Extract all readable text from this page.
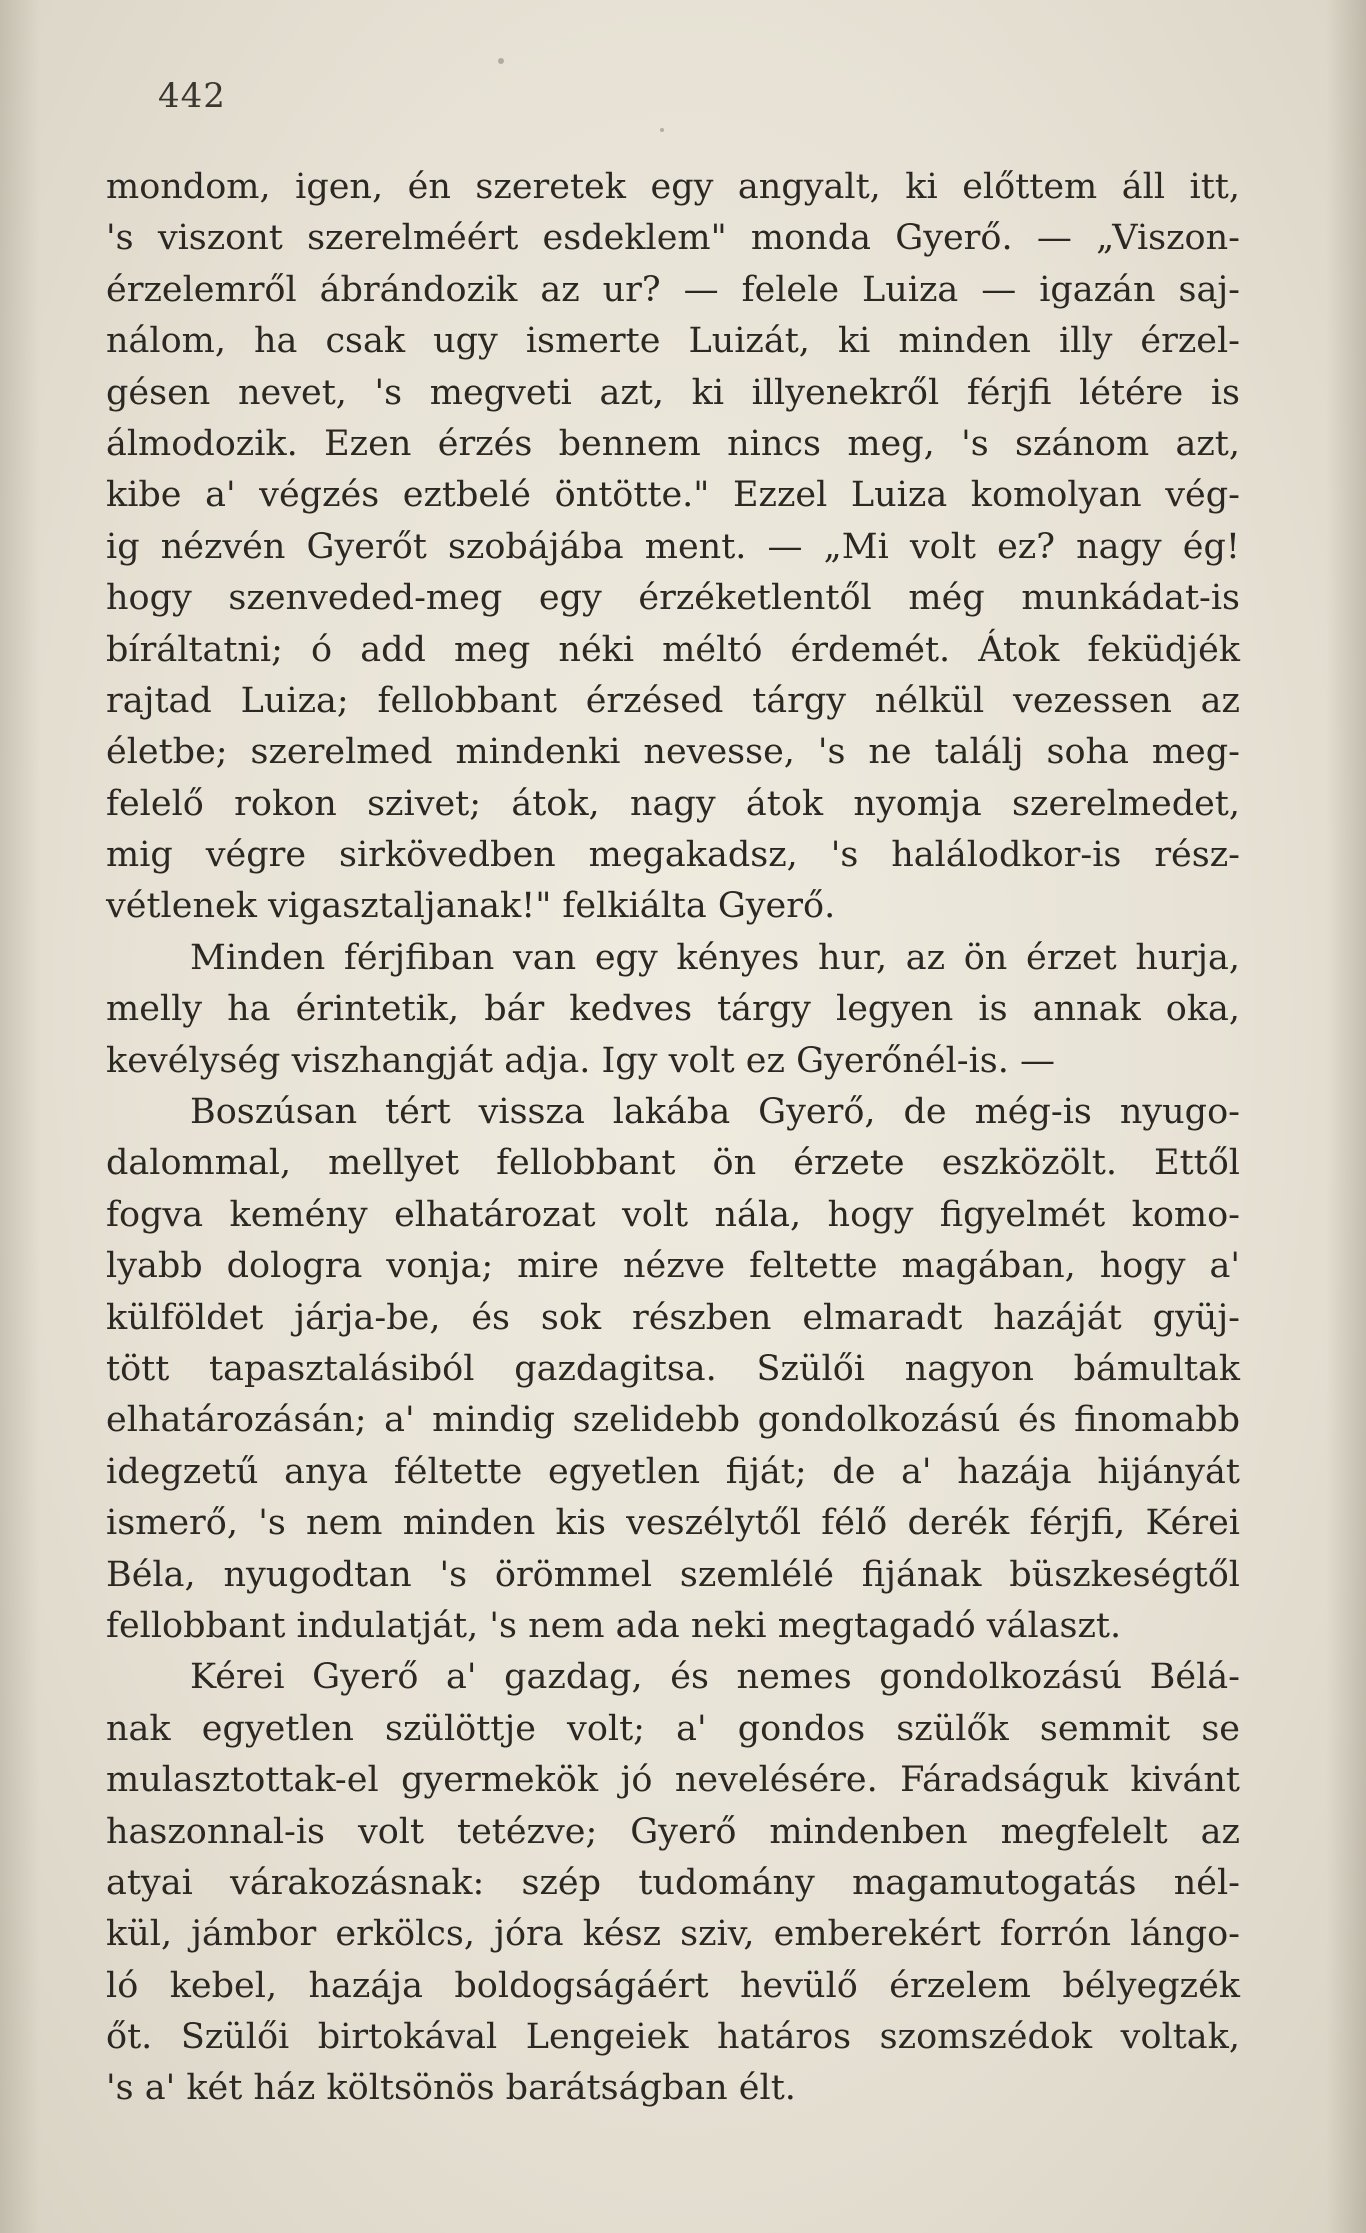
442
mondom, igen, én szeretek egy angyalt, ki előttem áll itt,
's viszont szerelméért esdeklem" monda Gyerő. — „Viszon-
érzelemről ábrándozik az ur? — felele Luiza — igazán saj-
nálom, ha csak ugy ismerte Luizát, ki minden illy érzel-
gésen nevet, 's megveti azt, ki illyenekről férjfi létére is
álmodozik. Ezen érzés bennem nincs meg, 's szánom azt,
kibe a' végzés eztbelé öntötte." Ezzel Luiza komolyan vég-
ig nézvén Gyerőt szobájába ment. — „Mi volt ez? nagy ég!
hogy szenveded-meg egy érzéketlentől még munkádat-is
bíráltatni; ó add meg néki méltó érdemét. Átok feküdjék
rajtad Luiza; fellobbant érzésed tárgy nélkül vezessen az
életbe; szerelmed mindenki nevesse, 's ne találj soha meg-
felelő rokon szivet; átok, nagy átok nyomja szerelmedet,
mig végre sirkövedben megakadsz, 's halálodkor-is rész-
vétlenek vigasztaljanak!" felkiálta Gyerő.
Minden férjfiban van egy kényes hur, az ön érzet hurja,
melly ha érintetik, bár kedves tárgy legyen is annak oka,
kevélység viszhangját adja. Igy volt ez Gyerőnél-is. —
Boszúsan tért vissza lakába Gyerő, de még-is nyugo-
dalommal, mellyet fellobbant ön érzete eszközölt. Ettől
fogva kemény elhatározat volt nála, hogy figyelmét komo-
lyabb dologra vonja; mire nézve feltette magában, hogy a'
külföldet járja-be, és sok részben elmaradt hazáját gyüj-
tött tapasztalásiból gazdagitsa. Szülői nagyon bámultak
elhatározásán; a' mindig szelidebb gondolkozású és finomabb
idegzetű anya féltette egyetlen fiját; de a' hazája hijányát
ismerő, 's nem minden kis veszélytől félő derék férjfi, Kérei
Béla, nyugodtan 's örömmel szemlélé fijának büszkeségtől
fellobbant indulatját, 's nem ada neki megtagadó választ.
Kérei Gyerő a' gazdag, és nemes gondolkozású Bélá-
nak egyetlen szülöttje volt; a' gondos szülők semmit se
mulasztottak-el gyermekök jó nevelésére. Fáradságuk kivánt
haszonnal-is volt tetézve; Gyerő mindenben megfelelt az
atyai várakozásnak: szép tudomány magamutogatás nél-
kül, jámbor erkölcs, jóra kész sziv, emberekért forrón lángo-
ló kebel, hazája boldogságáért hevülő érzelem bélyegzék
őt. Szülői birtokával Lengeiek határos szomszédok voltak,
's a' két ház költsönös barátságban élt.
